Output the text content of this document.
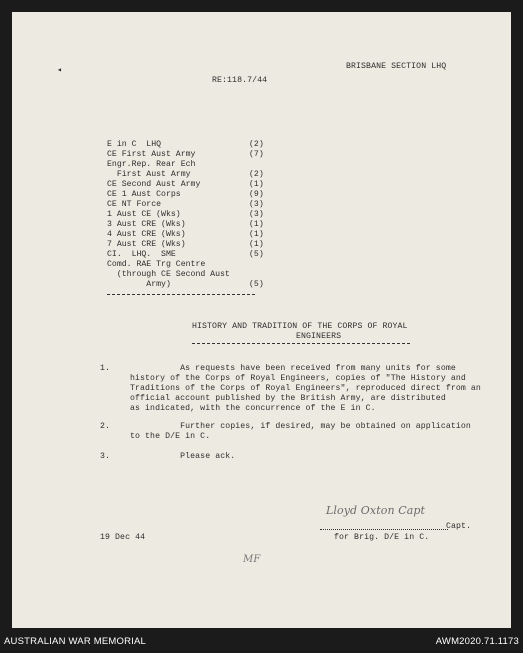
◂	BRISBANE SECTION LHQ
RE:118.7/44
E in C  LHQ	(2)
CE First Aust Army	(7)
Engr.Rep. Rear Ech
First Aust Army	(2)
CE Second Aust Army	(1)
CE 1 Aust Corps	(9)
CE NT Force	(3)
1 Aust CE (Wks)	(3)
3 Aust CRE (Wks)	(1)
4 Aust CRE (Wks)	(1)
7 Aust CRE (Wks)	(1)
CI.  LHQ.  SME	(5)
Comd. RAE Trg Centre
(through CE Second Aust
Army)	(5)
HISTORY AND TRADITION OF THE CORPS OF ROYAL
ENGINEERS
1. As requests have been received from many units for some
history of the Corps of Royal Engineers, copies of "The History and
Traditions of the Corps of Royal Engineers", reproduced direct from an
official account published by the British Army, are distributed
as indicated, with the concurrence of the E in C.
2. Further copies, if desired, may be obtained on application
to the D/E in C.
3. Please ack.
Lloyd Oxton Capt
Capt.
for Brig. D/E in C.
19 Dec 44
MF
AUSTRALIAN WAR MEMORIAL	AWM2020.71.1173
